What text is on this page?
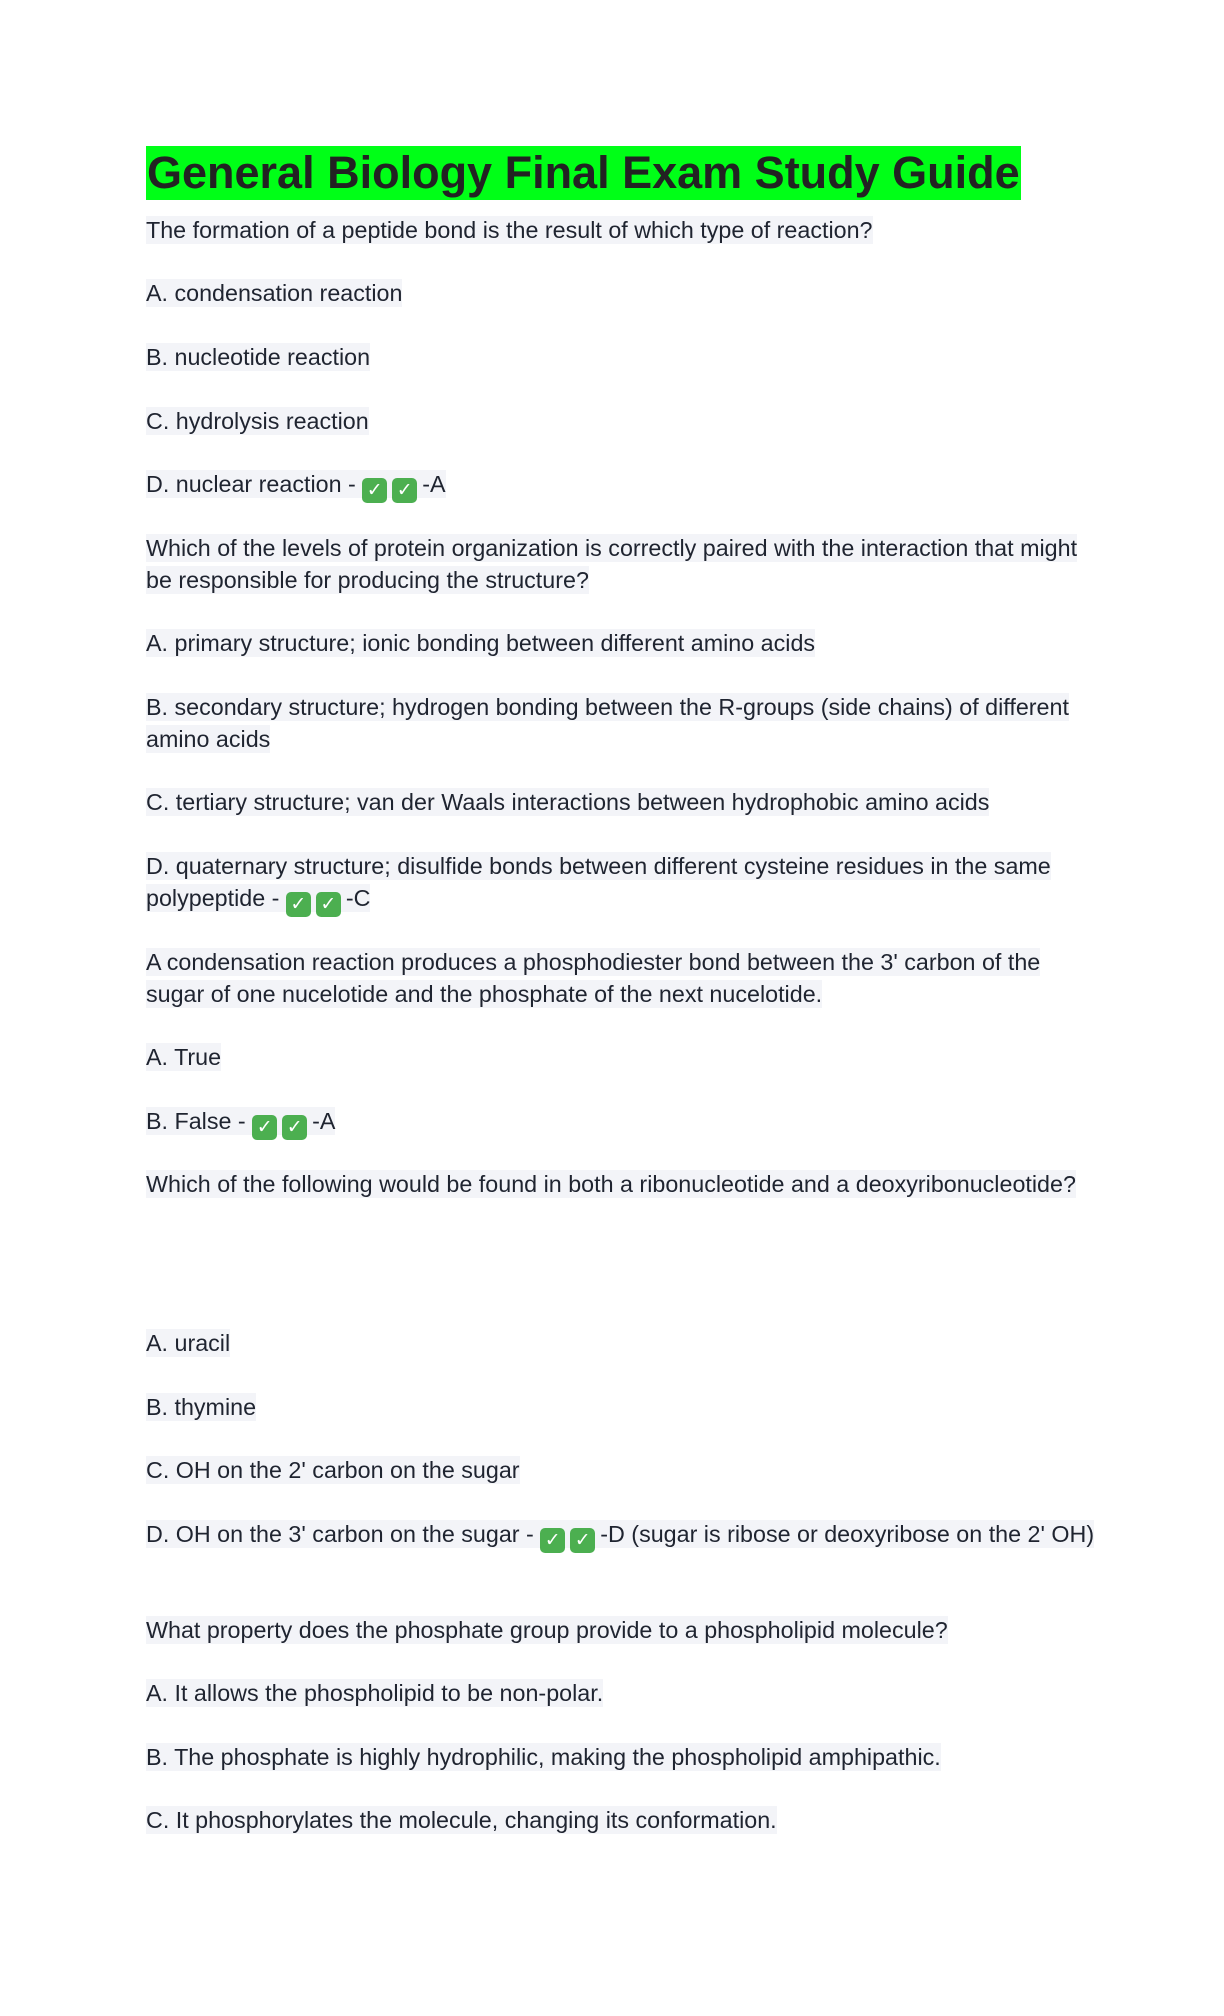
General Biology Final Exam Study Guide

The formation of a peptide bond is the result of which type of reaction?

A. condensation reaction

B. nucleotide reaction

C. hydrolysis reaction

D. nuclear reaction - ✓ ✓ -A

Which of the levels of protein organization is correctly paired with the interaction that might be responsible for producing the structure?

A. primary structure; ionic bonding between different amino acids

B. secondary structure; hydrogen bonding between the R-groups (side chains) of different amino acids

C. tertiary structure; van der Waals interactions between hydrophobic amino acids

D. quaternary structure; disulfide bonds between different cysteine residues in the same polypeptide - ✓ ✓ -C

A condensation reaction produces a phosphodiester bond between the 3' carbon of the sugar of one nucelotide and the phosphate of the next nucelotide.

A. True

B. False - ✓ ✓ -A

Which of the following would be found in both a ribonucleotide and a deoxyribonucleotide?

A. uracil

B. thymine

C. OH on the 2' carbon on the sugar

D. OH on the 3' carbon on the sugar - ✓ ✓ -D (sugar is ribose or deoxyribose on the 2' OH)

What property does the phosphate group provide to a phospholipid molecule?

A. It allows the phospholipid to be non-polar.

B. The phosphate is highly hydrophilic, making the phospholipid amphipathic.

C. It phosphorylates the molecule, changing its conformation.
